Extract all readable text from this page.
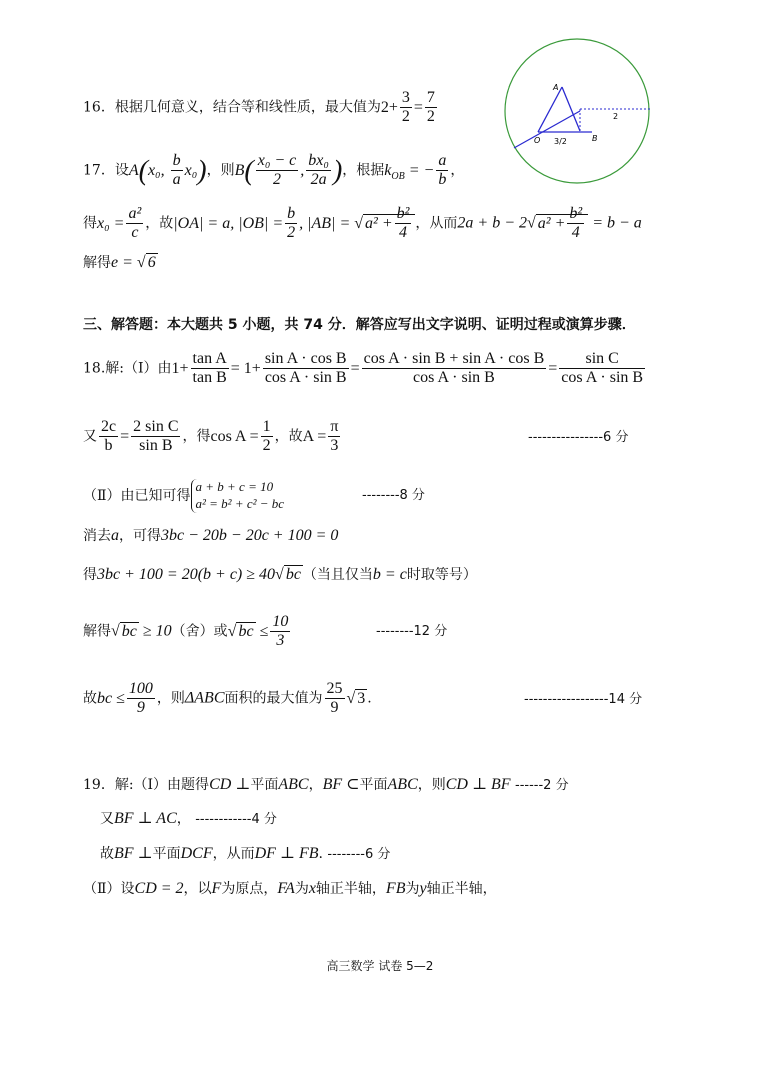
A
O	B
2
3/2
16．根据几何意义，结合等和线性质，最大值为$2+ \frac{3}{2} = \frac{7}{2}$
17．设A(x₀, $\frac{b}{a} x_0$)，则$B( \frac{\text{x₀ − c}}{2}$ , $\frac{\text{bx₀}}{2a}$ )，根据$k_{OB}$ = − $\frac{a}{b}$ ，
得$x_0 = \frac{\text{a²}}{c}$ ，故|OA| = a, $|OB| = \frac{b}{2}$ , |AB| = √ $a^2 + \frac{\text{b²}}{4}$ ，从而2a + b − 2√ $a^2 + \frac{\text{b²}}{4} = b - a$
解得e = √ 6
三、解答题：本大题共 5 小题，共 74 分．解答应写出文字说明、证明过程或演算步骤．
18.解:（Ⅰ）由$1+ \frac{\text{tan A}}{\text{tan B}} = 1+ \frac{\text{sin A · cos B}}{\text{cos A · sin B}} = \frac{\text{cos A · sin B + sin A · cos B}}{\text{cos A · sin B}} = \frac{\text{sin C}}{\text{cos A · sin B}}$
又 $\frac{2c}{b} = \frac{\text{2 sin C}}{\text{sin B}}$ ，得$\cos A = \frac{1}{2}$ ，故$A = \frac{\pi}{3}$	----------------6 分
（Ⅱ）由已知可得
a + b + c = 10
a² = b² + c² − bc
--------8 分
消去a，可得3bc − 20b − 20c + 100 = 0
得3bc + 100 = 20(b + c) ≥ 40√ bc （当且仅当b = c时取等号）
解得√ bc ≥ 10（舍）或√ bc ≤ $\frac{10}{3}$	--------12 分
故bc ≤ $\frac{100}{9}$ ，则ΔABC面积的最大值为 $\frac{25}{9}$ √ 3 .	------------------14 分
19．解:（Ⅰ）由题得CD ⊥平面ABC，BF ⊂平面ABC，则CD ⊥ BF ------2 分
又BF ⊥ AC， ------------4 分
故BF ⊥平面DCF，从而DF ⊥ FB. --------6 分
（Ⅱ）设CD = 2，以F为原点，FA为x轴正半轴，FB为y轴正半轴，
高三数学 试卷 5—2
